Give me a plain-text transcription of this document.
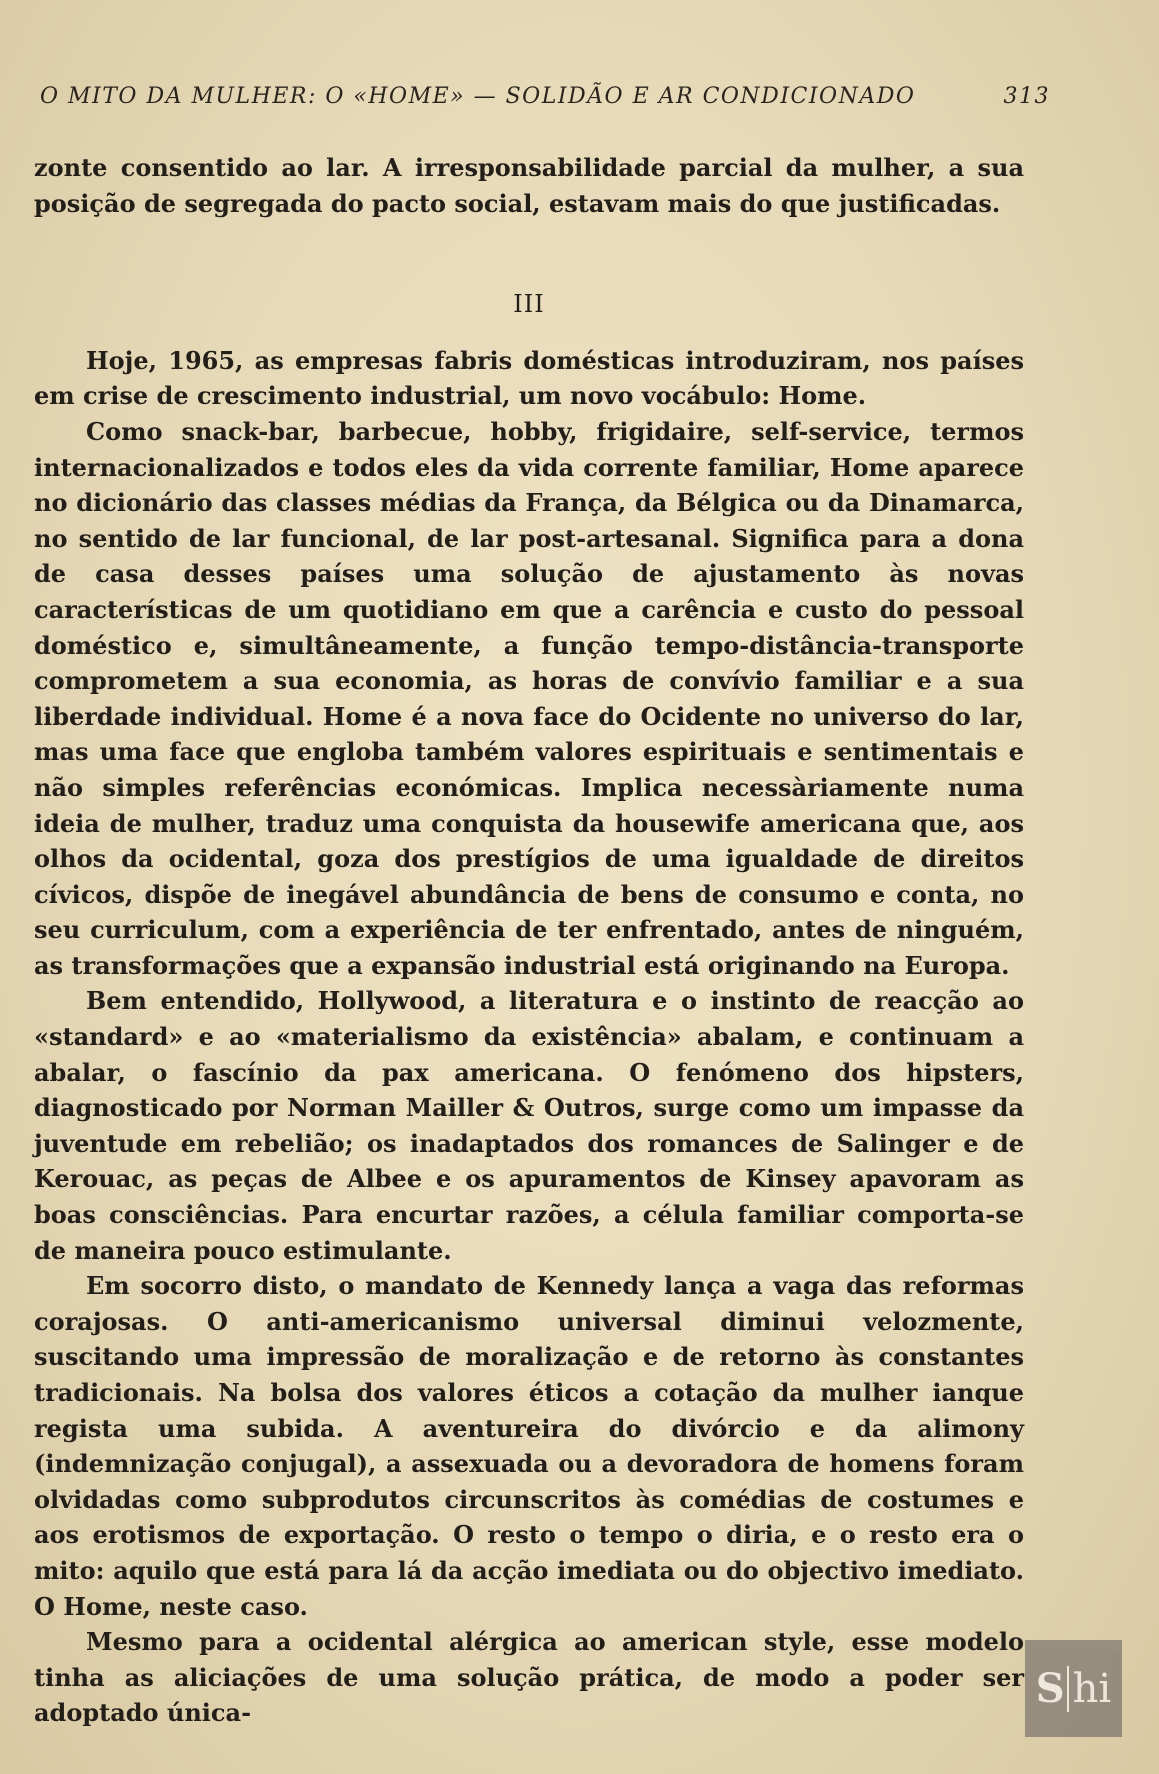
O MITO DA MULHER: O «HOME» — SOLIDÃO E AR CONDICIONADO	313

zonte consentido ao lar. A irresponsabilidade parcial da mulher, a sua posição de segregada do pacto social, estavam mais do que justificadas.

III

Hoje, 1965, as empresas fabris domésticas introduziram, nos países em crise de crescimento industrial, um novo vocábulo: Home.

Como snack-bar, barbecue, hobby, frigidaire, self-service, termos internacionalizados e todos eles da vida corrente familiar, Home aparece no dicionário das classes médias da França, da Bélgica ou da Dinamarca, no sentido de lar funcional, de lar post-artesanal. Significa para a dona de casa desses países uma solução de ajustamento às novas características de um quotidiano em que a carência e custo do pessoal doméstico e, simultâneamente, a função tempo-distância-transporte comprometem a sua economia, as horas de convívio familiar e a sua liberdade individual. Home é a nova face do Ocidente no universo do lar, mas uma face que engloba também valores espirituais e sentimentais e não simples referências económicas. Implica necessàriamente numa ideia de mulher, traduz uma conquista da housewife americana que, aos olhos da ocidental, goza dos prestígios de uma igualdade de direitos cívicos, dispõe de inegável abundância de bens de consumo e conta, no seu curriculum, com a experiência de ter enfrentado, antes de ninguém, as transformações que a expansão industrial está originando na Europa.

Bem entendido, Hollywood, a literatura e o instinto de reacção ao «standard» e ao «materialismo da existência» abalam, e continuam a abalar, o fascínio da pax americana. O fenómeno dos hipsters, diagnosticado por Norman Mailler & Outros, surge como um impasse da juventude em rebelião; os inadaptados dos romances de Salinger e de Kerouac, as peças de Albee e os apuramentos de Kinsey apavoram as boas consciências. Para encurtar razões, a célula familiar comporta-se de maneira pouco estimulante.

Em socorro disto, o mandato de Kennedy lança a vaga das reformas corajosas. O anti-americanismo universal diminui velozmente, suscitando uma impressão de moralização e de retorno às constantes tradicionais. Na bolsa dos valores éticos a cotação da mulher ianque regista uma subida. A aventureira do divórcio e da alimony (indemnização conjugal), a assexuada ou a devoradora de homens foram olvidadas como subprodutos circunscritos às comédias de costumes e aos erotismos de exportação. O resto o tempo o diria, e o resto era o mito: aquilo que está para lá da acção imediata ou do objectivo imediato. O Home, neste caso.

Mesmo para a ocidental alérgica ao american style, esse modelo tinha as aliciações de uma solução prática, de modo a poder ser adoptado única-

S hi
